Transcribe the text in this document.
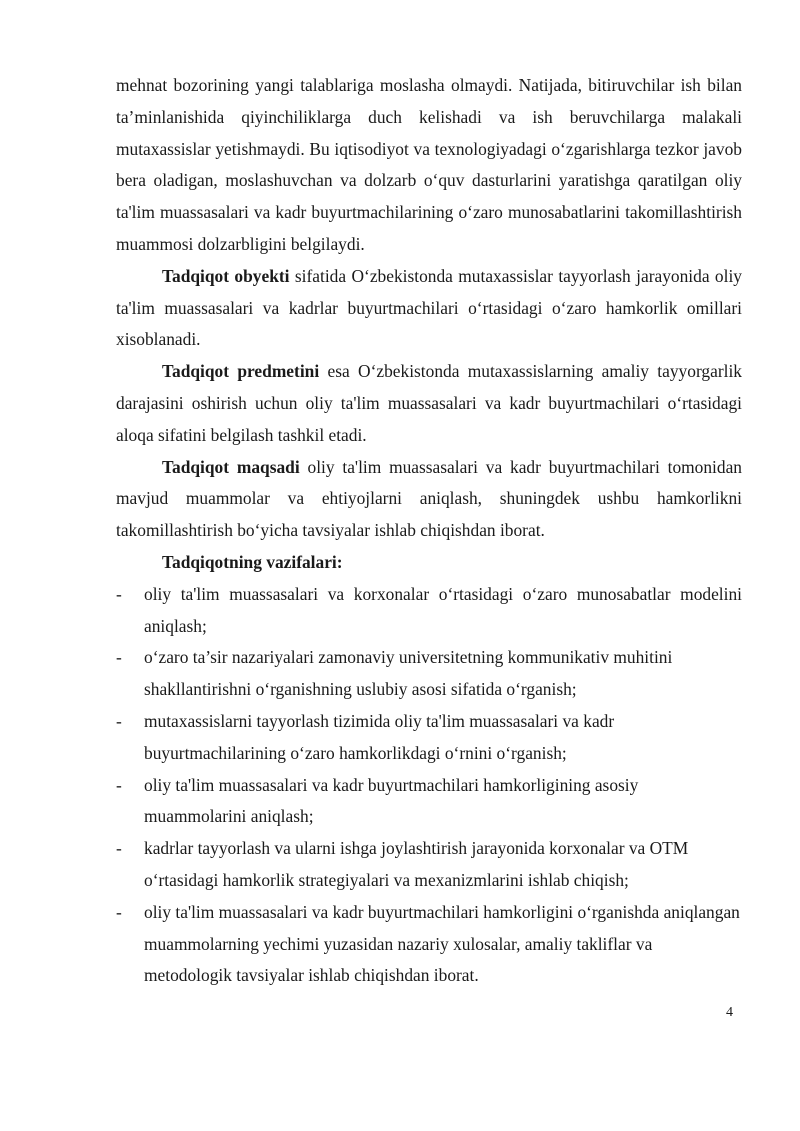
mehnat bozorining yangi talablariga moslasha olmaydi. Natijada, bitiruvchilar ish bilan ta’minlanishida qiyinchiliklarga duch kelishadi va ish beruvchilarga malakali mutaxassislar yetishmaydi. Bu iqtisodiyot va texnologiyadagi o‘zgarishlarga tezkor javob bera oladigan, moslashuvchan va dolzarb o‘quv dasturlarini yaratishga qaratilgan oliy ta'lim muassasalari va kadr buyurtmachilarining o‘zaro munosabatlarini takomillashtirish muammosi dolzarbligini belgilaydi.

Tadqiqot obyekti sifatida O‘zbekistonda mutaxassislar tayyorlash jarayonida oliy ta'lim muassasalari va kadrlar buyurtmachilari o‘rtasidagi o‘zaro hamkorlik omillari xisoblanadi.

Tadqiqot predmetini esa O‘zbekistonda mutaxassislarning amaliy tayyorgarlik darajasini oshirish uchun oliy ta'lim muassasalari va kadr buyurtmachilari o‘rtasidagi aloqa sifatini belgilash tashkil etadi.

Tadqiqot maqsadi oliy ta'lim muassasalari va kadr buyurtmachilari tomonidan mavjud muammolar va ehtiyojlarni aniqlash, shuningdek ushbu hamkorlikni takomillashtirish bo‘yicha tavsiyalar ishlab chiqishdan iborat.

Tadqiqotning vazifalari:

- oliy ta'lim muassasalari va korxonalar o‘rtasidagi o‘zaro munosabatlar modelini aniqlash;
- o‘zaro ta’sir nazariyalari zamonaviy universitetning kommunikativ muhitini shakllantirishni o‘rganishning uslubiy asosi sifatida o‘rganish;
- mutaxassislarni tayyorlash tizimida oliy ta'lim muassasalari va kadr buyurtmachilarining o‘zaro hamkorlikdagi o‘rnini o‘rganish;
- oliy ta'lim muassasalari va kadr buyurtmachilari hamkorligining asosiy muammolarini aniqlash;
- kadrlar tayyorlash va ularni ishga joylashtirish jarayonida korxonalar va OTM o‘rtasidagi hamkorlik strategiyalari va mexanizmlarini ishlab chiqish;
- oliy ta'lim muassasalari va kadr buyurtmachilari hamkorligini o‘rganishda aniqlangan muammolarning yechimi yuzasidan nazariy xulosalar, amaliy takliflar va metodologik tavsiyalar ishlab chiqishdan iborat.
4
